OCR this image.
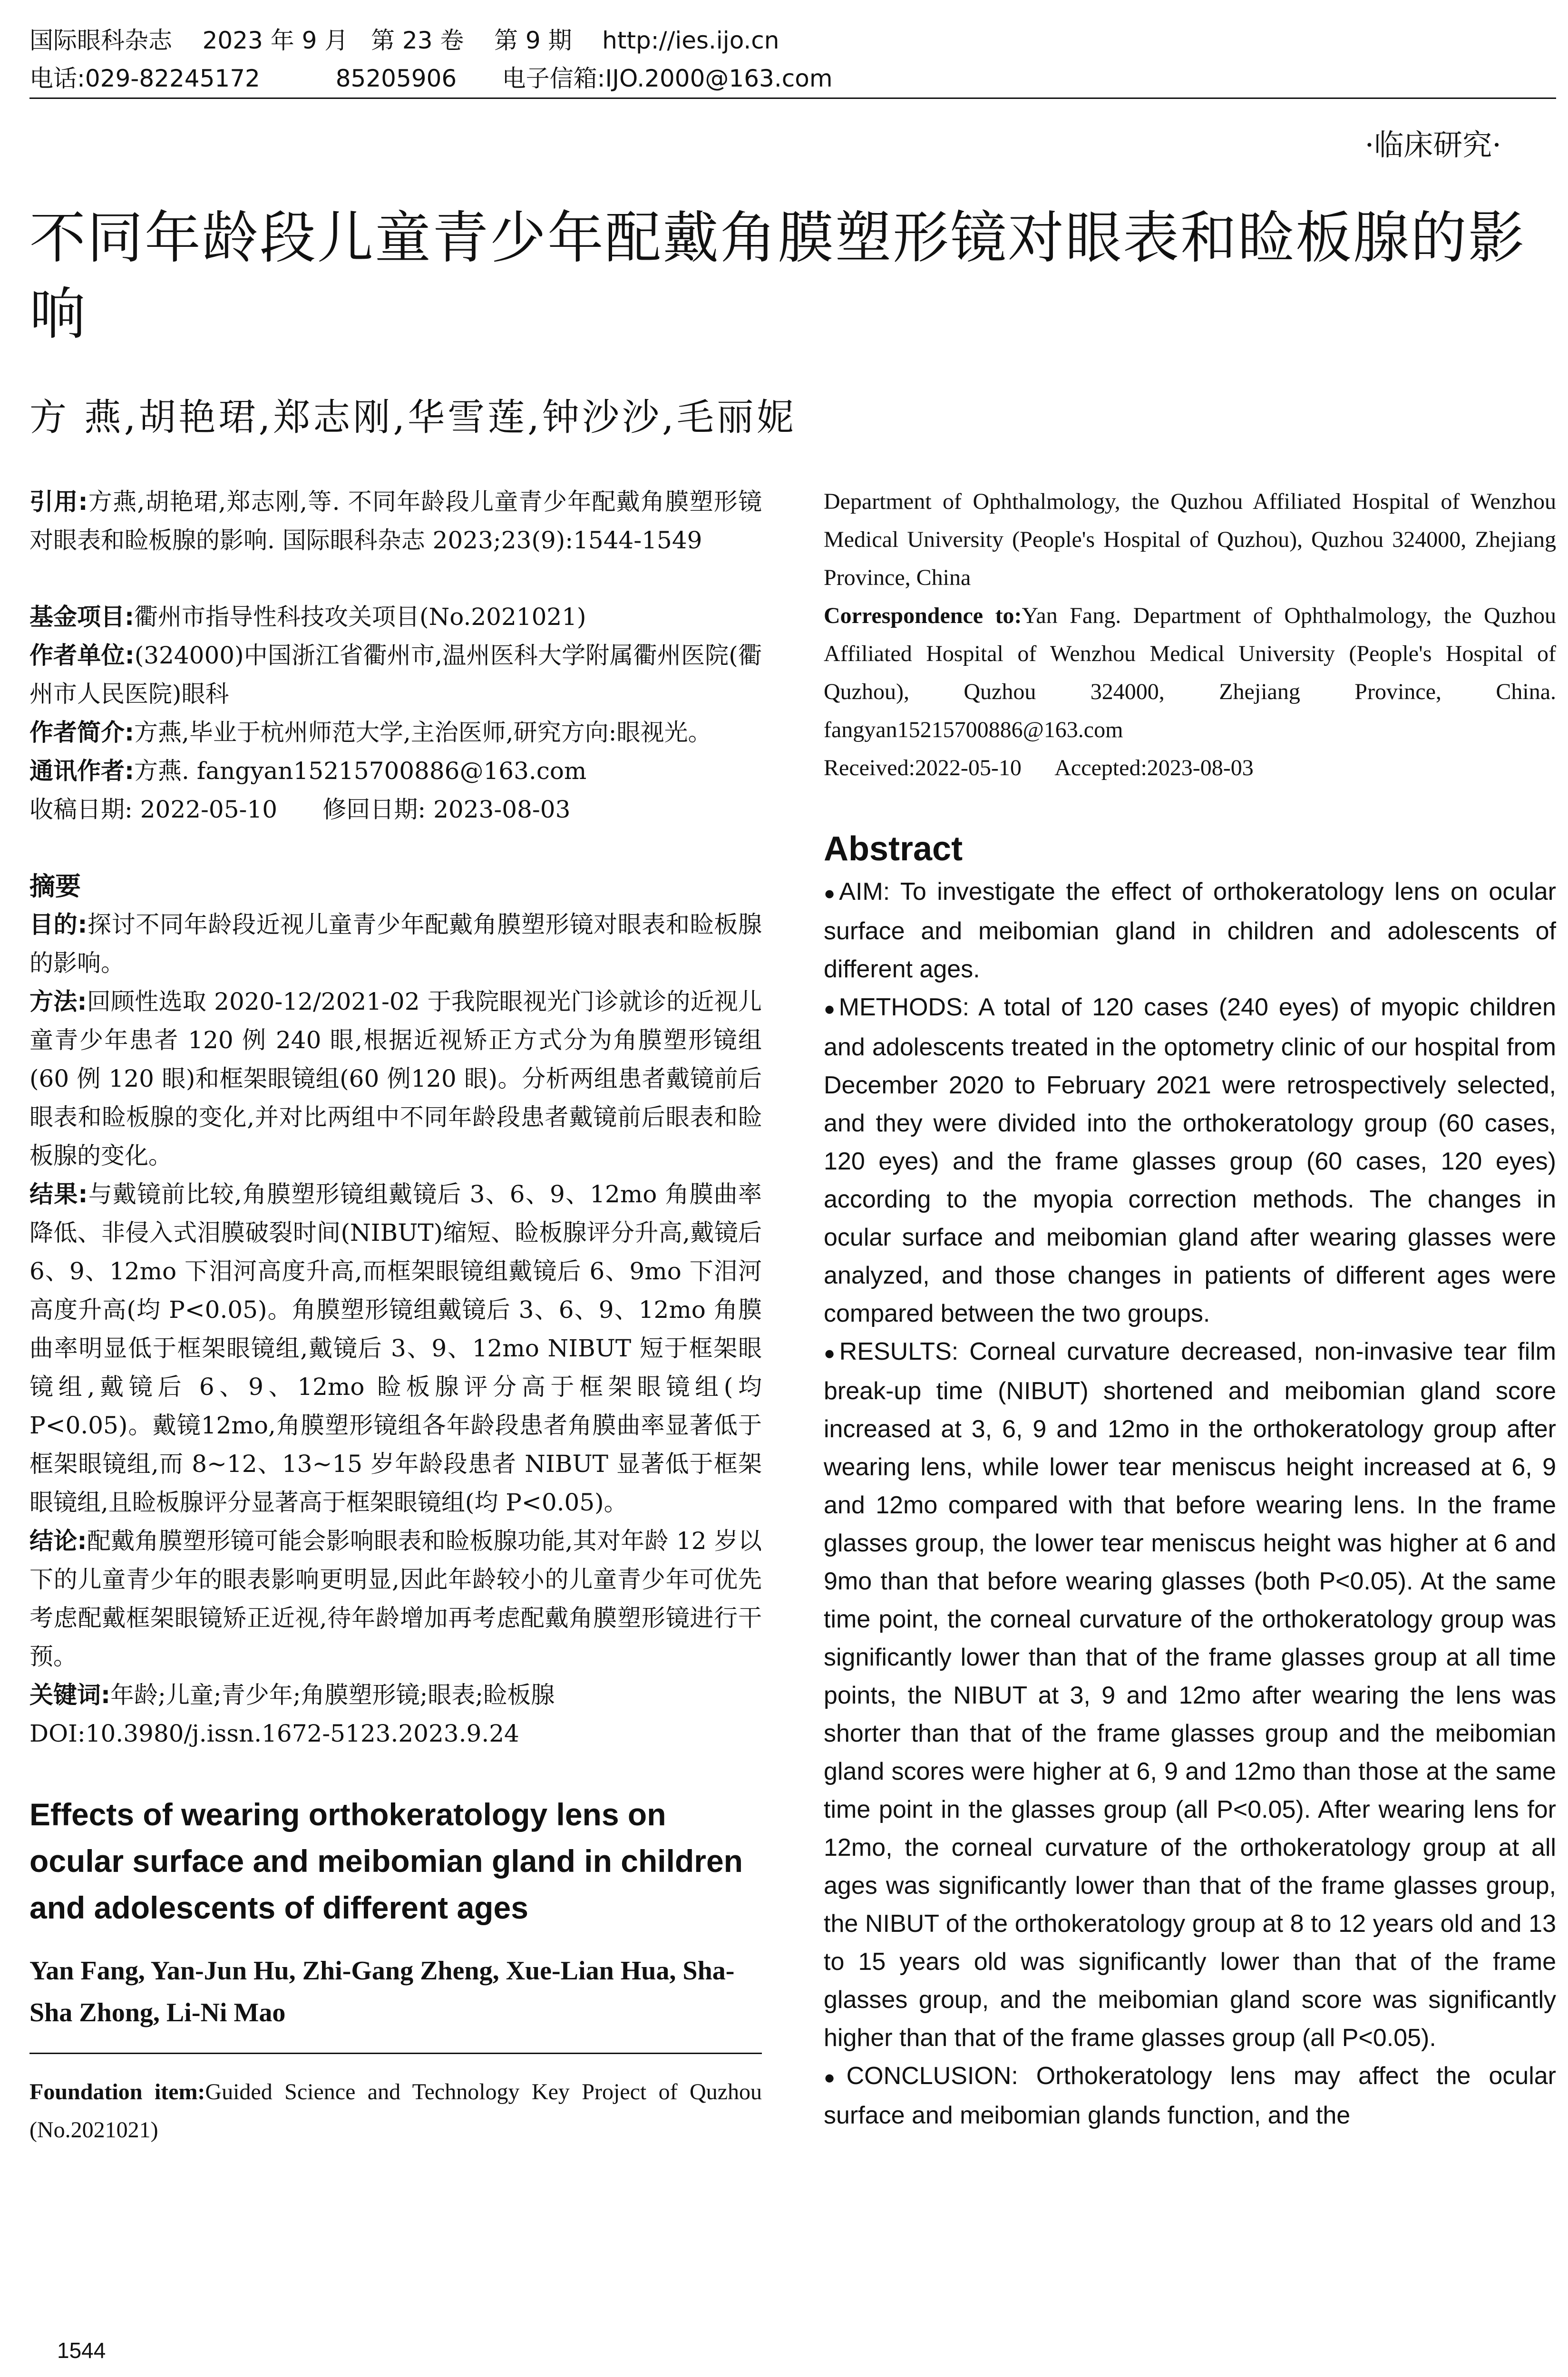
国际眼科杂志    2023 年 9 月   第 23 卷    第 9 期    http://ies.ijo.cn
电话:029-82245172          85205906      电子信箱:IJO.2000@163.com
·临床研究·
不同年龄段儿童青少年配戴角膜塑形镜对眼表和睑板腺的影响
方 燕,胡艳珺,郑志刚,华雪莲,钟沙沙,毛丽妮

引用:方燕,胡艳珺,郑志刚,等. 不同年龄段儿童青少年配戴角膜塑形镜对眼表和睑板腺的影响. 国际眼科杂志 2023;23(9):1544-1549

基金项目:衢州市指导性科技攻关项目(No.2021021)

作者单位:(324000)中国浙江省衢州市,温州医科大学附属衢州医院(衢州市人民医院)眼科

作者简介:方燕,毕业于杭州师范大学,主治医师,研究方向:眼视光。

通讯作者:方燕. fangyan15215700886@163.com

收稿日期: 2022-05-10      修回日期: 2023-08-03

摘要

目的:探讨不同年龄段近视儿童青少年配戴角膜塑形镜对眼表和睑板腺的影响。

方法:回顾性选取 2020-12/2021-02 于我院眼视光门诊就诊的近视儿童青少年患者 120 例 240 眼,根据近视矫正方式分为角膜塑形镜组(60 例 120 眼)和框架眼镜组(60 例120 眼)。分析两组患者戴镜前后眼表和睑板腺的变化,并对比两组中不同年龄段患者戴镜前后眼表和睑板腺的变化。

结果:与戴镜前比较,角膜塑形镜组戴镜后 3、6、9、12mo 角膜曲率降低、非侵入式泪膜破裂时间(NIBUT)缩短、睑板腺评分升高,戴镜后 6、9、12mo 下泪河高度升高,而框架眼镜组戴镜后 6、9mo 下泪河高度升高(均 P<0.05)。角膜塑形镜组戴镜后 3、6、9、12mo 角膜曲率明显低于框架眼镜组,戴镜后 3、9、12mo NIBUT 短于框架眼镜组,戴镜后 6、9、12mo 睑板腺评分高于框架眼镜组(均 P<0.05)。戴镜12mo,角膜塑形镜组各年龄段患者角膜曲率显著低于框架眼镜组,而 8~12、13~15 岁年龄段患者 NIBUT 显著低于框架眼镜组,且睑板腺评分显著高于框架眼镜组(均 P<0.05)。

结论:配戴角膜塑形镜可能会影响眼表和睑板腺功能,其对年龄 12 岁以下的儿童青少年的眼表影响更明显,因此年龄较小的儿童青少年可优先考虑配戴框架眼镜矫正近视,待年龄增加再考虑配戴角膜塑形镜进行干预。

关键词:年龄;儿童;青少年;角膜塑形镜;眼表;睑板腺

DOI:10.3980/j.issn.1672-5123.2023.9.24

Effects of wearing orthokeratology lens on ocular surface and meibomian gland in children and adolescents of different ages

Yan Fang, Yan-Jun Hu, Zhi-Gang Zheng, Xue-Lian Hua, Sha-Sha Zhong, Li-Ni Mao

Foundation item:Guided Science and Technology Key Project of Quzhou (No.2021021)

Department of Ophthalmology, the Quzhou Affiliated Hospital of Wenzhou Medical University (People's Hospital of Quzhou), Quzhou 324000, Zhejiang Province, China

Correspondence to:Yan Fang. Department of Ophthalmology, the Quzhou Affiliated Hospital of Wenzhou Medical University (People's Hospital of Quzhou), Quzhou 324000, Zhejiang Province, China. fangyan15215700886@163.com

Received:2022-05-10      Accepted:2023-08-03

Abstract

●AIM: To investigate the effect of orthokeratology lens on ocular surface and meibomian gland in children and adolescents of different ages.

●METHODS: A total of 120 cases (240 eyes) of myopic children and adolescents treated in the optometry clinic of our hospital from December 2020 to February 2021 were retrospectively selected, and they were divided into the orthokeratology group (60 cases, 120 eyes) and the frame glasses group (60 cases, 120 eyes) according to the myopia correction methods. The changes in ocular surface and meibomian gland after wearing glasses were analyzed, and those changes in patients of different ages were compared between the two groups.

●RESULTS: Corneal curvature decreased, non-invasive tear film break-up time (NIBUT) shortened and meibomian gland score increased at 3, 6, 9 and 12mo in the orthokeratology group after wearing lens, while lower tear meniscus height increased at 6, 9 and 12mo compared with that before wearing lens. In the frame glasses group, the lower tear meniscus height was higher at 6 and 9mo than that before wearing glasses (both P<0.05). At the same time point, the corneal curvature of the orthokeratology group was significantly lower than that of the frame glasses group at all time points, the NIBUT at 3, 9 and 12mo after wearing the lens was shorter than that of the frame glasses group and the meibomian gland scores were higher at 6, 9 and 12mo than those at the same time point in the glasses group (all P<0.05). After wearing lens for 12mo, the corneal curvature of the orthokeratology group at all ages was significantly lower than that of the frame glasses group, the NIBUT of the orthokeratology group at 8 to 12 years old and 13 to 15 years old was significantly lower than that of the frame glasses group, and the meibomian gland score was significantly higher than that of the frame glasses group (all P<0.05).

●CONCLUSION: Orthokeratology lens may affect the ocular surface and meibomian glands function, and the

1544
